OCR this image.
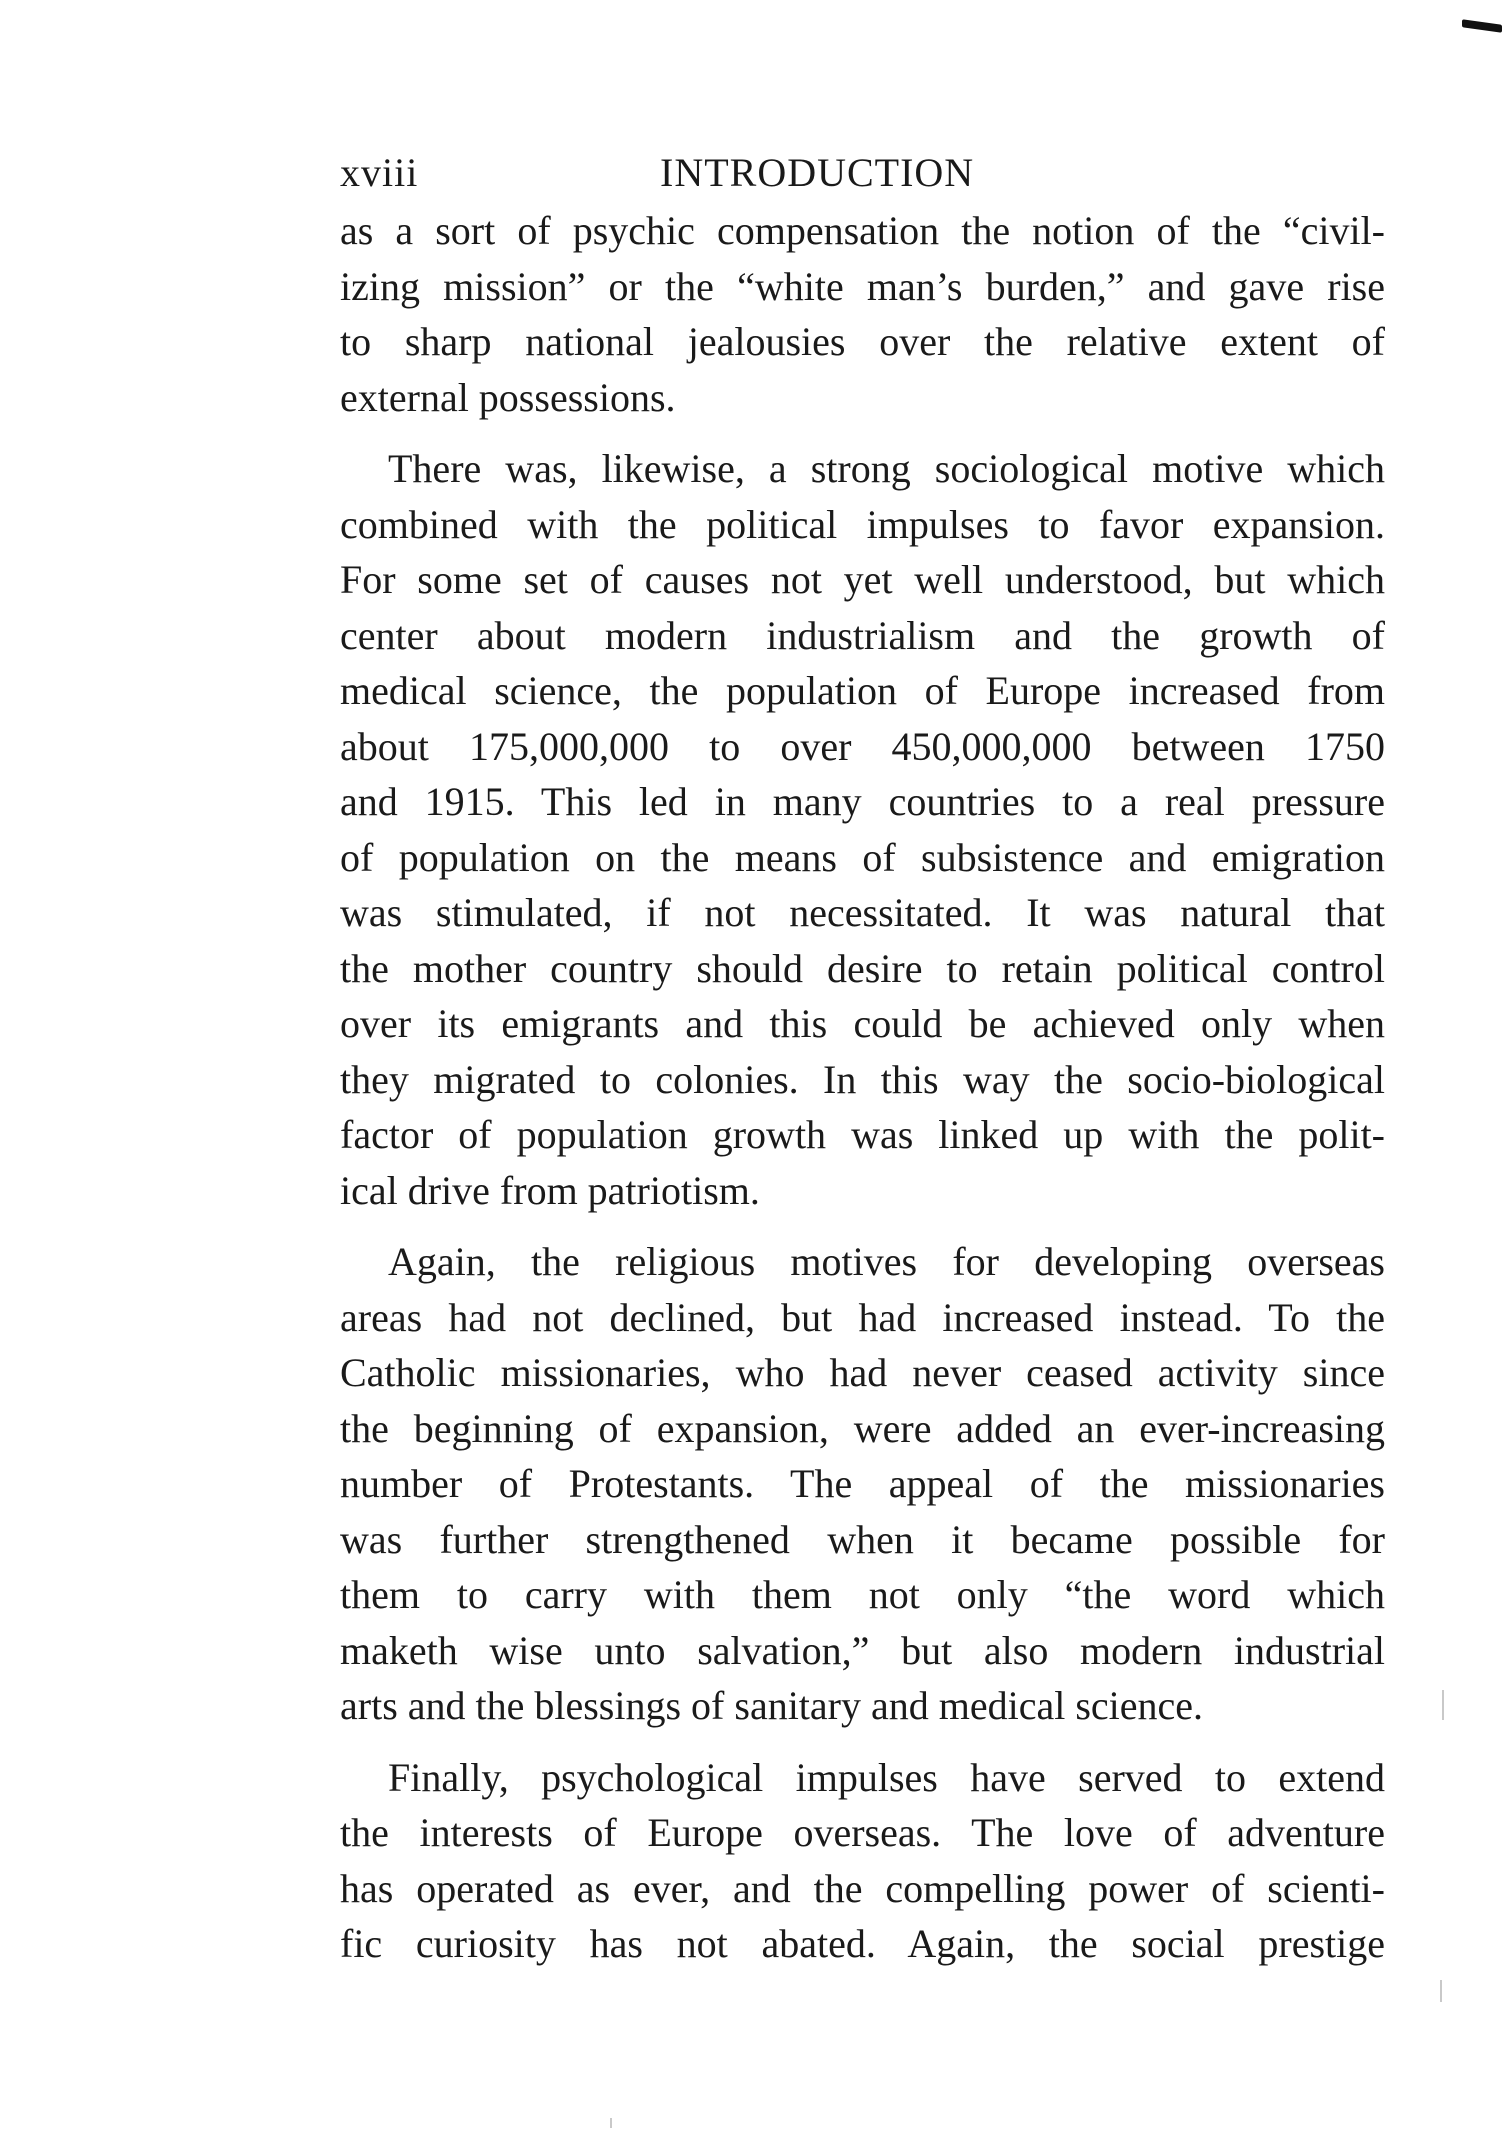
xviii	INTRODUCTION

as a sort of psychic compensation the notion of the “civil-
izing mission” or the “white man’s burden,” and gave rise
to sharp national jealousies over the relative extent of
external possessions.

There was, likewise, a strong sociological motive which
combined with the political impulses to favor expansion.
For some set of causes not yet well understood, but which
center about modern industrialism and the growth of
medical science, the population of Europe increased from
about 175,000,000 to over 450,000,000 between 1750
and 1915. This led in many countries to a real pressure
of population on the means of subsistence and emigration
was stimulated, if not necessitated. It was natural that
the mother country should desire to retain political control
over its emigrants and this could be achieved only when
they migrated to colonies. In this way the socio-biological
factor of population growth was linked up with the polit-
ical drive from patriotism.

Again, the religious motives for developing overseas
areas had not declined, but had increased instead. To the
Catholic missionaries, who had never ceased activity since
the beginning of expansion, were added an ever-increasing
number of Protestants. The appeal of the missionaries
was further strengthened when it became possible for
them to carry with them not only “the word which
maketh wise unto salvation,” but also modern industrial
arts and the blessings of sanitary and medical science.

Finally, psychological impulses have served to extend
the interests of Europe overseas. The love of adventure
has operated as ever, and the compelling power of scienti-
fic curiosity has not abated. Again, the social prestige
